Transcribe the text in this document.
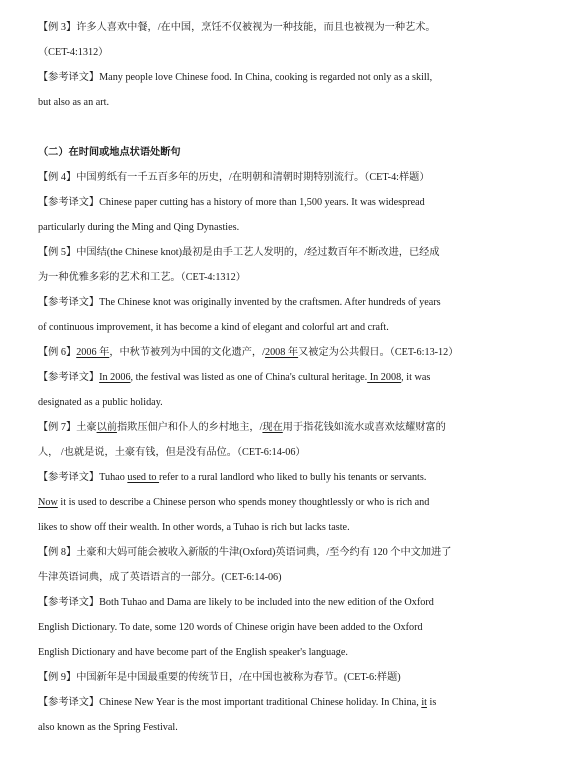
【例 3】许多人喜欢中餐，/在中国，烹饪不仅被视为一种技能，而且也被视为一种艺术。
（CET-4:1312）
【参考译文】Many people love Chinese food. In China, cooking is regarded not only as a skill,
but also as an art.
（二）在时间或地点状语处断句
【例 4】中国剪纸有一千五百多年的历史，/在明朝和清朝时期特别流行。（CET-4:样题）
【参考译文】Chinese paper cutting has a history of more than 1,500 years. It was widespread
particularly during the Ming and Qing Dynasties.
【例 5】中国结(the Chinese knot)最初是由手工艺人发明的，/经过数百年不断改进，已经成
为一种优雅多彩的艺术和工艺。（CET-4:1312）
【参考译文】The Chinese knot was originally invented by the craftsmen. After hundreds of years
of continuous improvement, it has become a kind of elegant and colorful art and craft.
【例 6】2006 年，中秋节被列为中国的文化遗产，/2008 年又被定为公共假日。（CET-6:13-12）
【参考译文】In 2006, the festival was listed as one of China's cultural heritage. In 2008, it was
designated as a public holiday.
【例 7】土豪以前指欺压佃户和仆人的乡村地主，/现在用于指花钱如流水或喜欢炫耀财富的
人， /也就是说，土豪有钱，但是没有品位。（CET-6:14-06）
【参考译文】Tuhao used to refer to a rural landlord who liked to bully his tenants or servants.
Now it is used to describe a Chinese person who spends money thoughtlessly or who is rich and
likes to show off their wealth. In other words, a Tuhao is rich but lacks taste.
【例 8】土豪和大妈可能会被收入新版的牛津(Oxford)英语词典，/至今约有 120 个中文加进了
牛津英语词典，成了英语语言的一部分。(CET-6:14-06)
【参考译文】Both Tuhao and Dama are likely to be included into the new edition of the Oxford
English Dictionary. To date, some 120 words of Chinese origin have been added to the Oxford
English Dictionary and have become part of the English speaker's language.
【例 9】中国新年是中国最重要的传统节日，/在中国也被称为春节。(CET-6:样题)
【参考译文】Chinese New Year is the most important traditional Chinese holiday. In China, it is
also known as the Spring Festival.
